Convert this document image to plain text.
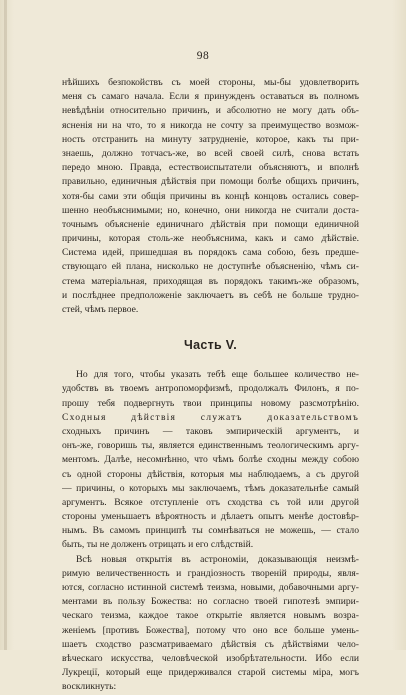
98
нѣйшихъ безпокойствъ съ моей стороны, мы-бы удовлетворить
меня съ самаго начала. Если я принужденъ оставаться въ полномъ
невѣдѣніи относительно причинъ, и абсолютно не могу дать объ-
ясненія ни на что, то я никогда не сочту за преимущество возмож-
ность отстранить на минуту затрудненіе, которое, какъ ты при-
знаешь, должно тотчасъ-же, во всей своей силѣ, снова встать
передо мною. Правда, естествоиспытатели объясняютъ, и вполнѣ
правильно, единичныя дѣйствія при помощи болѣе общихъ причинъ,
хотя-бы сами эти общія причины въ концѣ концовъ остались совер-
шенно необъяснимыми; но, конечно, они никогда не считали доста-
точнымъ объясненіе единичнаго дѣйствія при помощи единичной
причины, которая столь-же необъяснима, какъ и само дѣйствіе.
Система идей, пришедшая въ порядокъ сама собою, безъ предше-
ствующаго ей плана, нисколько не доступнѣе объясненію, чѣмъ си-
стема матеріальная, приходящая въ порядокъ такимъ-же образомъ,
и послѣднее предположеніе заключаетъ въ себѣ не больше трудно-
стей, чѣмъ первое.
Часть V.
Но для того, чтобы указать тебѣ еще большее количество не-
удобствъ въ твоемъ антропоморфизмѣ, продолжалъ Филонъ, я по-
прошу тебя подвергнуть твои принципы новому разсмотрѣнію.
Сходныя дѣйствія служатъ доказательствомъ
сходныхъ причинъ — таковъ эмпирическій аргументъ, и
онъ-же, говоришь ты, является единственнымъ теологическимъ аргу-
ментомъ. Далѣе, несомнѣнно, что чѣмъ болѣе сходны между собою
съ одной стороны дѣйствія, которыя мы наблюдаемъ, а съ другой
— причины, о которыхъ мы заключаемъ, тѣмъ доказательнѣе самый
аргументъ. Всякое отступленіе отъ сходства съ той или другой
стороны уменьшаетъ вѣроятность и дѣлаетъ опытъ менѣе достовѣр-
нымъ. Въ самомъ принципѣ ты сомнѣваться не можешь, — стало
быть, ты не долженъ отрицать и его слѣдствій.
Всѣ новыя открытія въ астрономіи, доказывающія неизмѣ-
римую величественность и грандіозность твореній природы, явля-
ются, согласно истинной системѣ теизма, новыми, добавочными аргу-
ментами въ пользу Божества: но согласно твоей гипотезѣ эмпири-
ческаго теизма, каждое такое открытіе является новымъ возра-
женіемъ [противъ Божества], потому что оно все больше умень-
шаетъ сходство разсматриваемаго дѣйствія съ дѣйствіями чело-
вѣческаго искусства, человѣческой изобрѣтательности. Ибо если
Лукреції, который еще придерживался старой системы міра, могъ
воскликнуть:
